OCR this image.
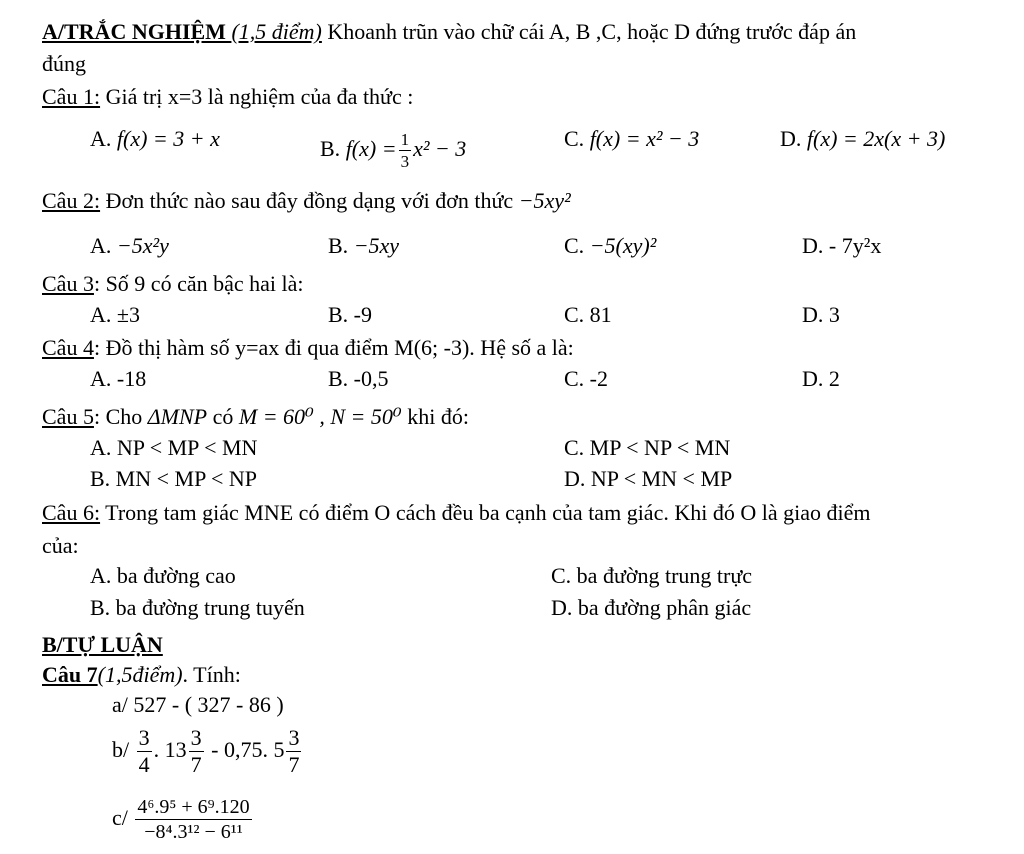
A/TRẮC NGHIỆM (1,5 điểm) Khoanh trũn vào chữ cái A, B ,C, hoặc D đứng trước đáp án
đúng
Câu 1: Giá trị x=3 là nghiệm của đa thức :
A. f(x) = 3 + x	B. $f(x) = \frac{1}{3} x^2 - 3$	C. f(x) = x² − 3	D. f(x) = 2x(x + 3)
Câu 2: Đơn thức nào sau đây đồng dạng với đơn thức −5xy²
A. −5x²y	B. −5xy	C. −5(xy)²	D. - 7y²x
Câu 3: Số 9 có căn bậc hai là:
A. ±3	B. -9	C. 81	D. 3
Câu 4: Đồ thị hàm số y=ax đi qua điểm M(6; -3). Hệ số a là:
A. -18	B. -0,5	C. -2	D. 2
Câu 5: Cho ΔMNP có M = 60⁰ , N = 50⁰ khi đó:
A. NP < MP < MN	C. MP < NP < MN
B. MN < MP < NP	D. NP < MN < MP
Câu 6: Trong tam giác MNE có điểm O cách đều ba cạnh của tam giác. Khi đó O là giao điểm
của:
A. ba đường cao	C. ba đường trung trực
B. ba đường trung tuyến	D. ba đường phân giác
B/TỰ LUẬN
Câu 7(1,5điểm). Tính:
a/ 527 - ( 327 - 86 )
$b/ \frac{3}{4}$ . $13 \frac{3}{7} - 0,75$. $5 \frac{3}{7}$
$c/ \frac{\text{4⁶.9⁵ + 6⁹.120}}{\text{−8⁴.3¹² − 6¹¹}}$
